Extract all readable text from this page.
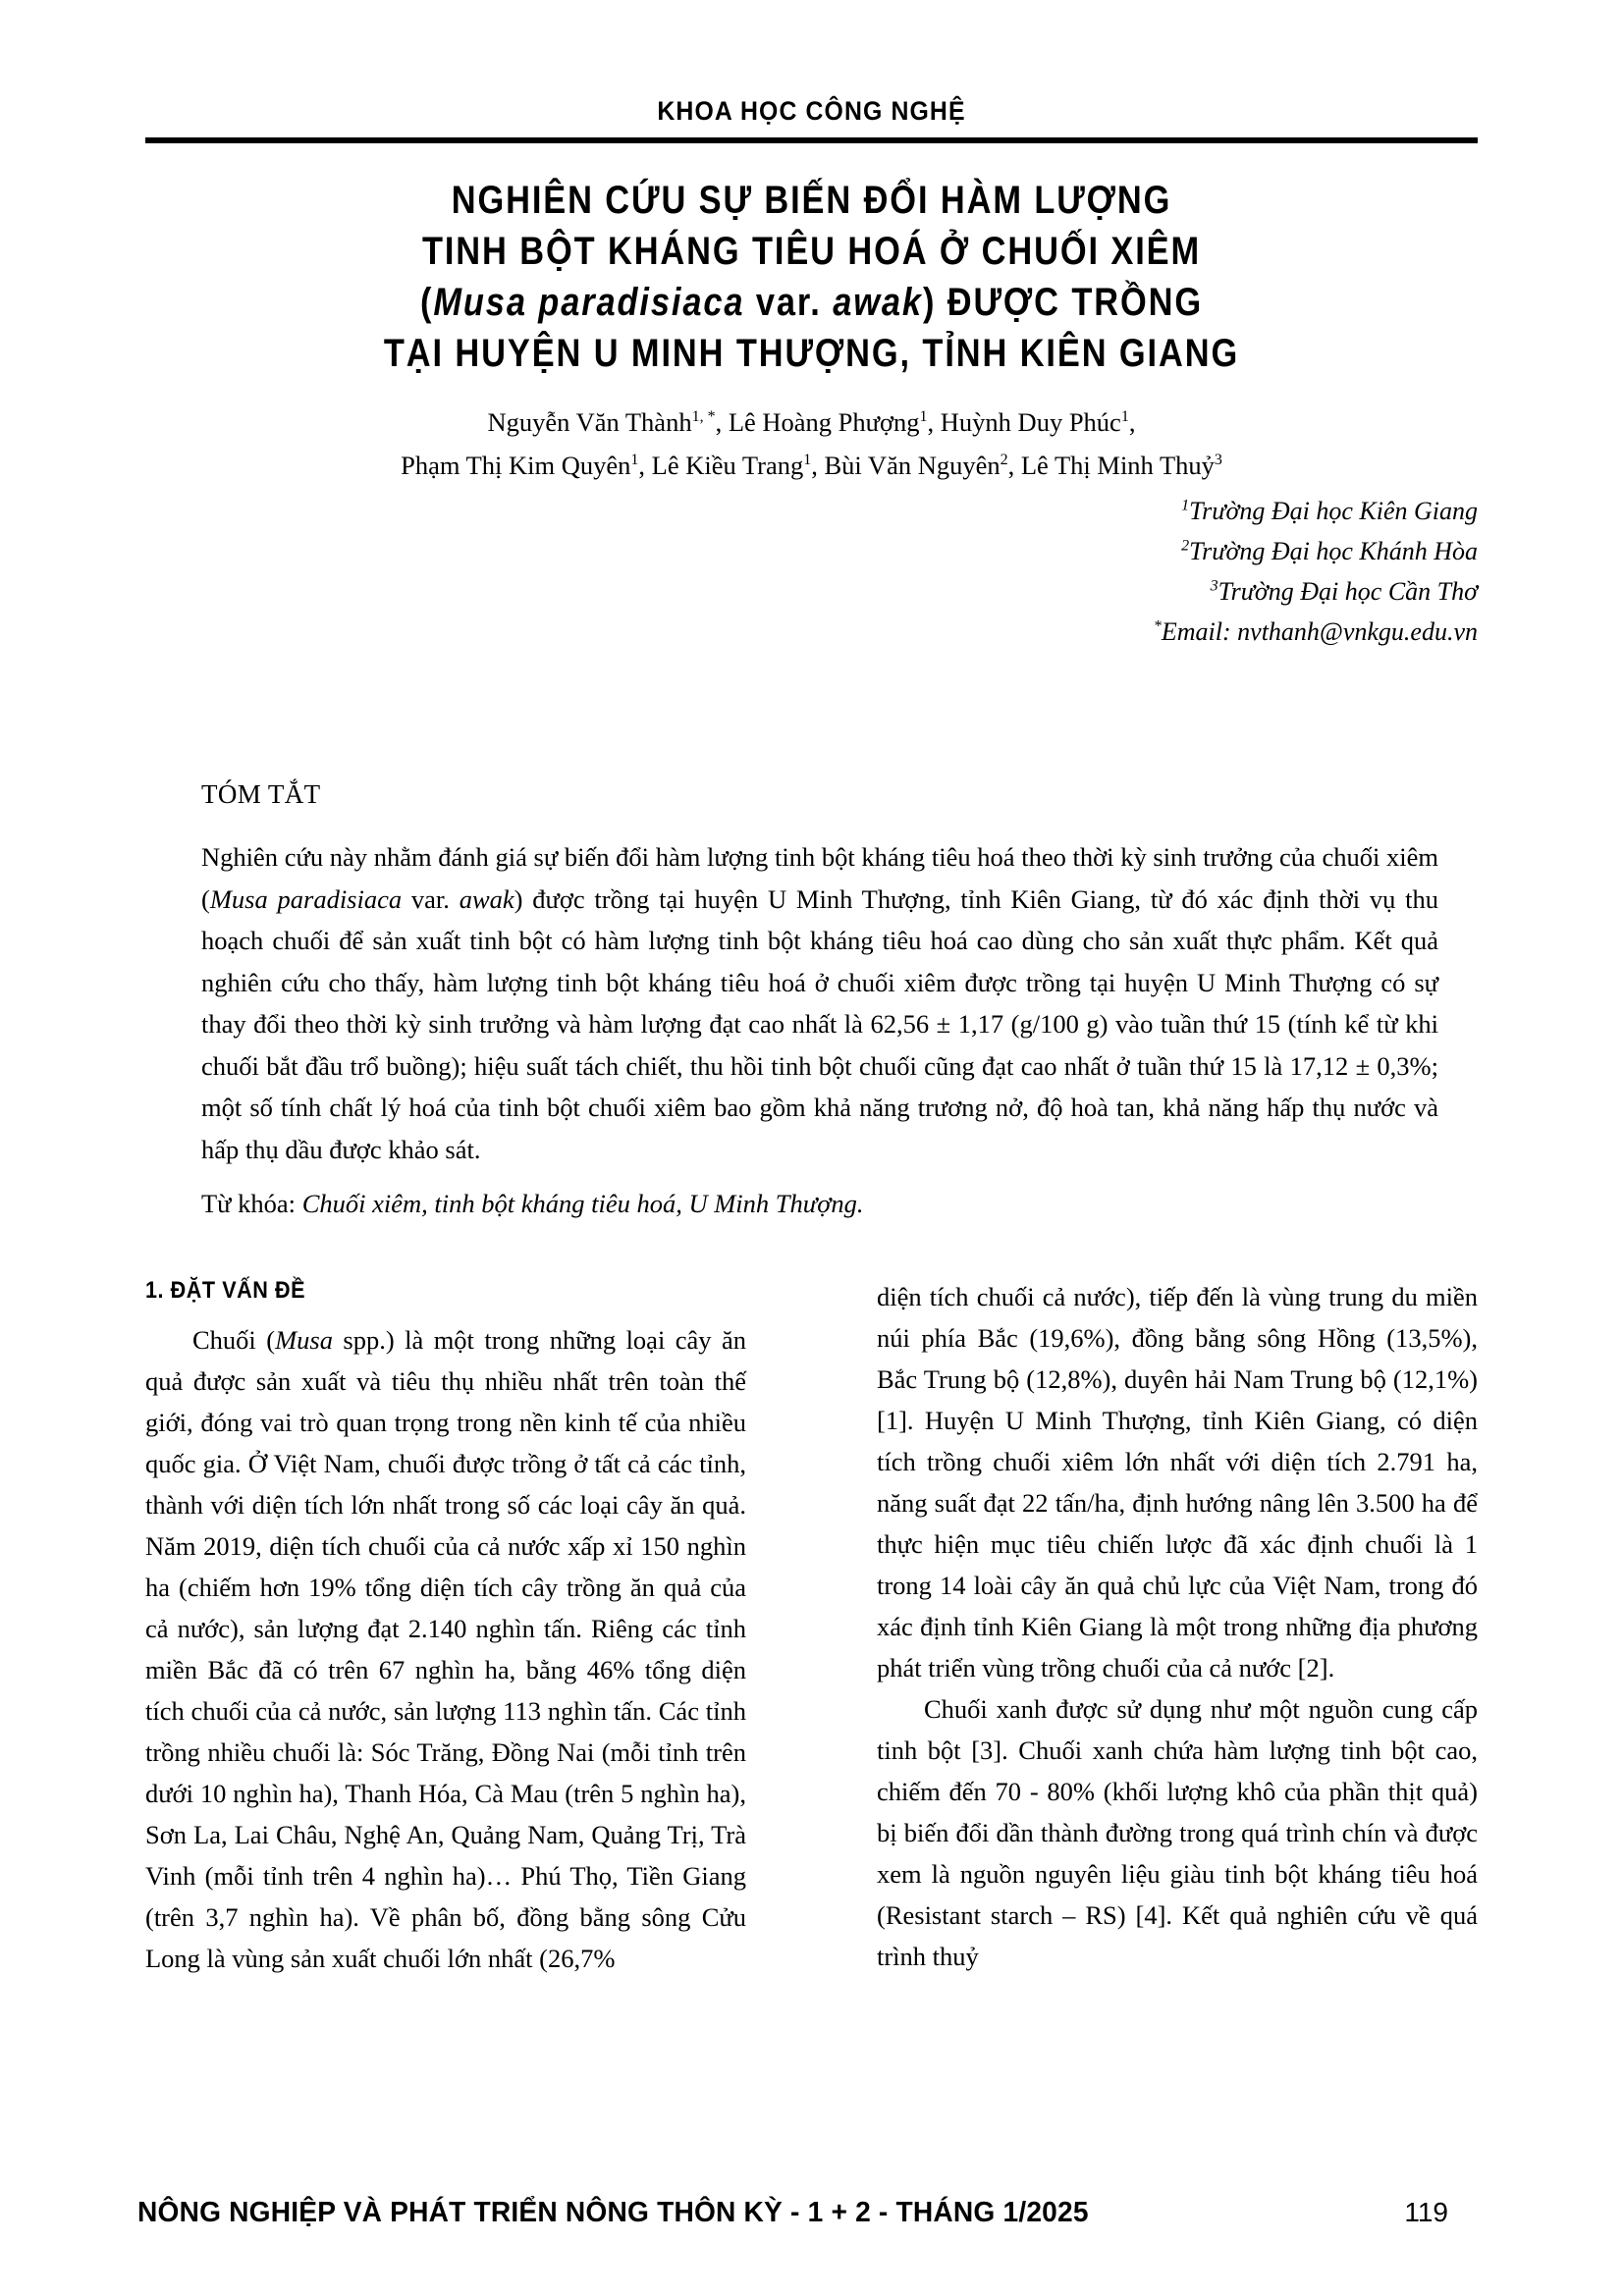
KHOA HỌC CÔNG NGHỆ
NGHIÊN CỨU SỰ BIẾN ĐỔI HÀM LƯỢNG
TINH BỘT KHÁNG TIÊU HOÁ Ở CHUỐI XIÊM
(Musa paradisiaca var. awak) ĐƯỢC TRỒNG
TẠI HUYỆN U MINH THƯỢNG, TỈNH KIÊN GIANG
Nguyễn Văn Thành$^{1, *}$, Lê Hoàng Phượng$^1$, Huỳnh Duy Phúc$^1$,
Phạm Thị Kim Quyên$^1$, Lê Kiều Trang$^1$, Bùi Văn Nguyên$^2$, Lê Thị Minh Thuỷ$^3$
$^1$Trường Đại học Kiên Giang
$^2$Trường Đại học Khánh Hòa
$^3$Trường Đại học Cần Thơ
*Email: nvthanh@vnkgu.edu.vn
TÓM TẮT
Nghiên cứu này nhằm đánh giá sự biến đổi hàm lượng tinh bột kháng tiêu hoá theo thời kỳ sinh trưởng của chuối xiêm (Musa paradisiaca var. awak) được trồng tại huyện U Minh Thượng, tỉnh Kiên Giang, từ đó xác định thời vụ thu hoạch chuối để sản xuất tinh bột có hàm lượng tinh bột kháng tiêu hoá cao dùng cho sản xuất thực phẩm. Kết quả nghiên cứu cho thấy, hàm lượng tinh bột kháng tiêu hoá ở chuối xiêm được trồng tại huyện U Minh Thượng có sự thay đổi theo thời kỳ sinh trưởng và hàm lượng đạt cao nhất là 62,56 ± 1,17 (g/100 g) vào tuần thứ 15 (tính kể từ khi chuối bắt đầu trổ buồng); hiệu suất tách chiết, thu hồi tinh bột chuối cũng đạt cao nhất ở tuần thứ 15 là 17,12 ± 0,3%; một số tính chất lý hoá của tinh bột chuối xiêm bao gồm khả năng trương nở, độ hoà tan, khả năng hấp thụ nước và hấp thụ dầu được khảo sát.
Từ khóa: Chuối xiêm, tinh bột kháng tiêu hoá, U Minh Thượng.
1. ĐẶT VẤN ĐỀ

Chuối (Musa spp.) là một trong những loại cây ăn quả được sản xuất và tiêu thụ nhiều nhất trên toàn thế giới, đóng vai trò quan trọng trong nền kinh tế của nhiều quốc gia. Ở Việt Nam, chuối được trồng ở tất cả các tỉnh, thành với diện tích lớn nhất trong số các loại cây ăn quả. Năm 2019, diện tích chuối của cả nước xấp xỉ 150 nghìn ha (chiếm hơn 19% tổng diện tích cây trồng ăn quả của cả nước), sản lượng đạt 2.140 nghìn tấn. Riêng các tỉnh miền Bắc đã có trên 67 nghìn ha, bằng 46% tổng diện tích chuối của cả nước, sản lượng 113 nghìn tấn. Các tỉnh trồng nhiều chuối là: Sóc Trăng, Đồng Nai (mỗi tỉnh trên dưới 10 nghìn ha), Thanh Hóa, Cà Mau (trên 5 nghìn ha), Sơn La, Lai Châu, Nghệ An, Quảng Nam, Quảng Trị, Trà Vinh (mỗi tỉnh trên 4 nghìn ha)… Phú Thọ, Tiền Giang (trên 3,7 nghìn ha). Về phân bố, đồng bằng sông Cửu Long là vùng sản xuất chuối lớn nhất (26,7%

diện tích chuối cả nước), tiếp đến là vùng trung du miền núi phía Bắc (19,6%), đồng bằng sông Hồng (13,5%), Bắc Trung bộ (12,8%), duyên hải Nam Trung bộ (12,1%) [1]. Huyện U Minh Thượng, tỉnh Kiên Giang, có diện tích trồng chuối xiêm lớn nhất với diện tích 2.791 ha, năng suất đạt 22 tấn/ha, định hướng nâng lên 3.500 ha để thực hiện mục tiêu chiến lược đã xác định chuối là 1 trong 14 loài cây ăn quả chủ lực của Việt Nam, trong đó xác định tỉnh Kiên Giang là một trong những địa phương phát triển vùng trồng chuối của cả nước [2].

Chuối xanh được sử dụng như một nguồn cung cấp tinh bột [3]. Chuối xanh chứa hàm lượng tinh bột cao, chiếm đến 70 - 80% (khối lượng khô của phần thịt quả) bị biến đổi dần thành đường trong quá trình chín và được xem là nguồn nguyên liệu giàu tinh bột kháng tiêu hoá (Resistant starch – RS) [4]. Kết quả nghiên cứu về quá trình thuỷ

NÔNG NGHIỆP VÀ PHÁT TRIỂN NÔNG THÔN KỲ - 1 + 2 - THÁNG 1/2025	119
